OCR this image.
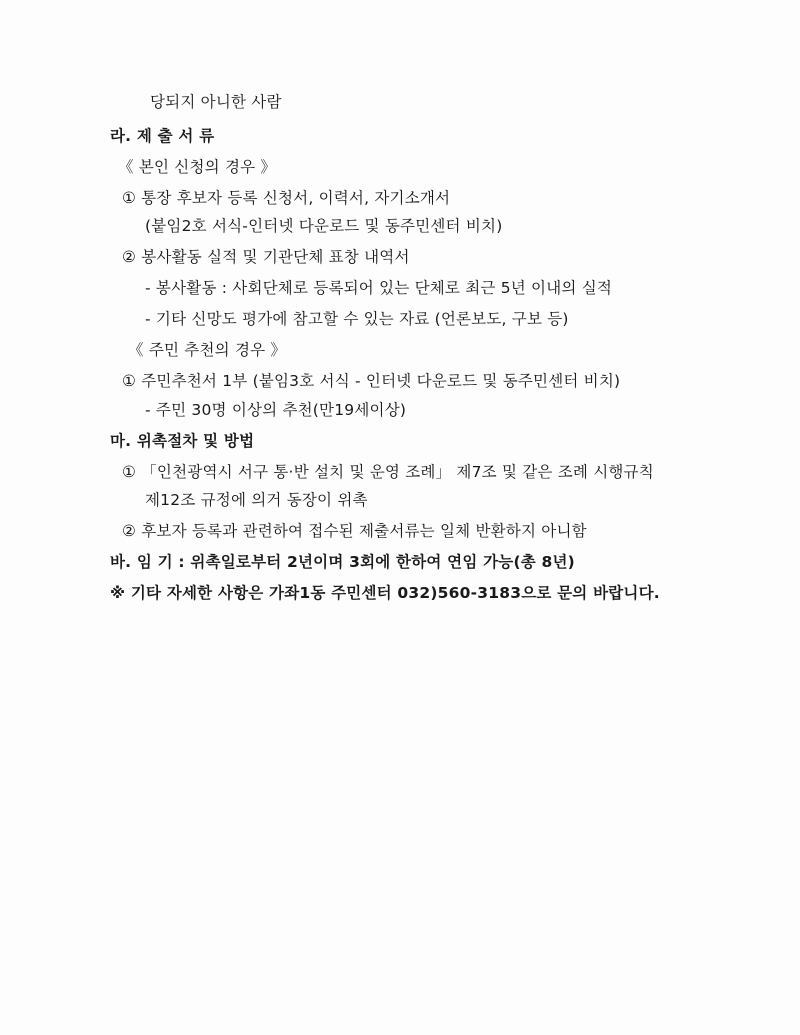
당되지 아니한 사람
라. 제 출 서 류
《 본인 신청의 경우 》
① 통장 후보자 등록 신청서, 이력서, 자기소개서
(붙임2호 서식-인터넷 다운로드 및 동주민센터 비치)
② 봉사활동 실적 및 기관단체 표창 내역서
- 봉사활동 : 사회단체로 등록되어 있는 단체로 최근 5년 이내의 실적
- 기타 신망도 평가에 참고할 수 있는 자료 (언론보도, 구보 등)
《 주민 추천의 경우 》
① 주민추천서 1부 (붙임3호 서식 - 인터넷 다운로드 및 동주민센터 비치)
- 주민 30명 이상의 추천(만19세이상)
마. 위촉절차 및 방법
① 「인천광역시 서구 통·반 설치 및 운영 조례」 제7조 및 같은 조례 시행규칙
제12조 규정에 의거 동장이 위촉
② 후보자 등록과 관련하여 접수된 제출서류는 일체 반환하지 아니함
바. 임 기 : 위촉일로부터 2년이며 3회에 한하여 연임 가능(총 8년)
※ 기타 자세한 사항은 가좌1동 주민센터 032)560-3183으로 문의 바랍니다.
